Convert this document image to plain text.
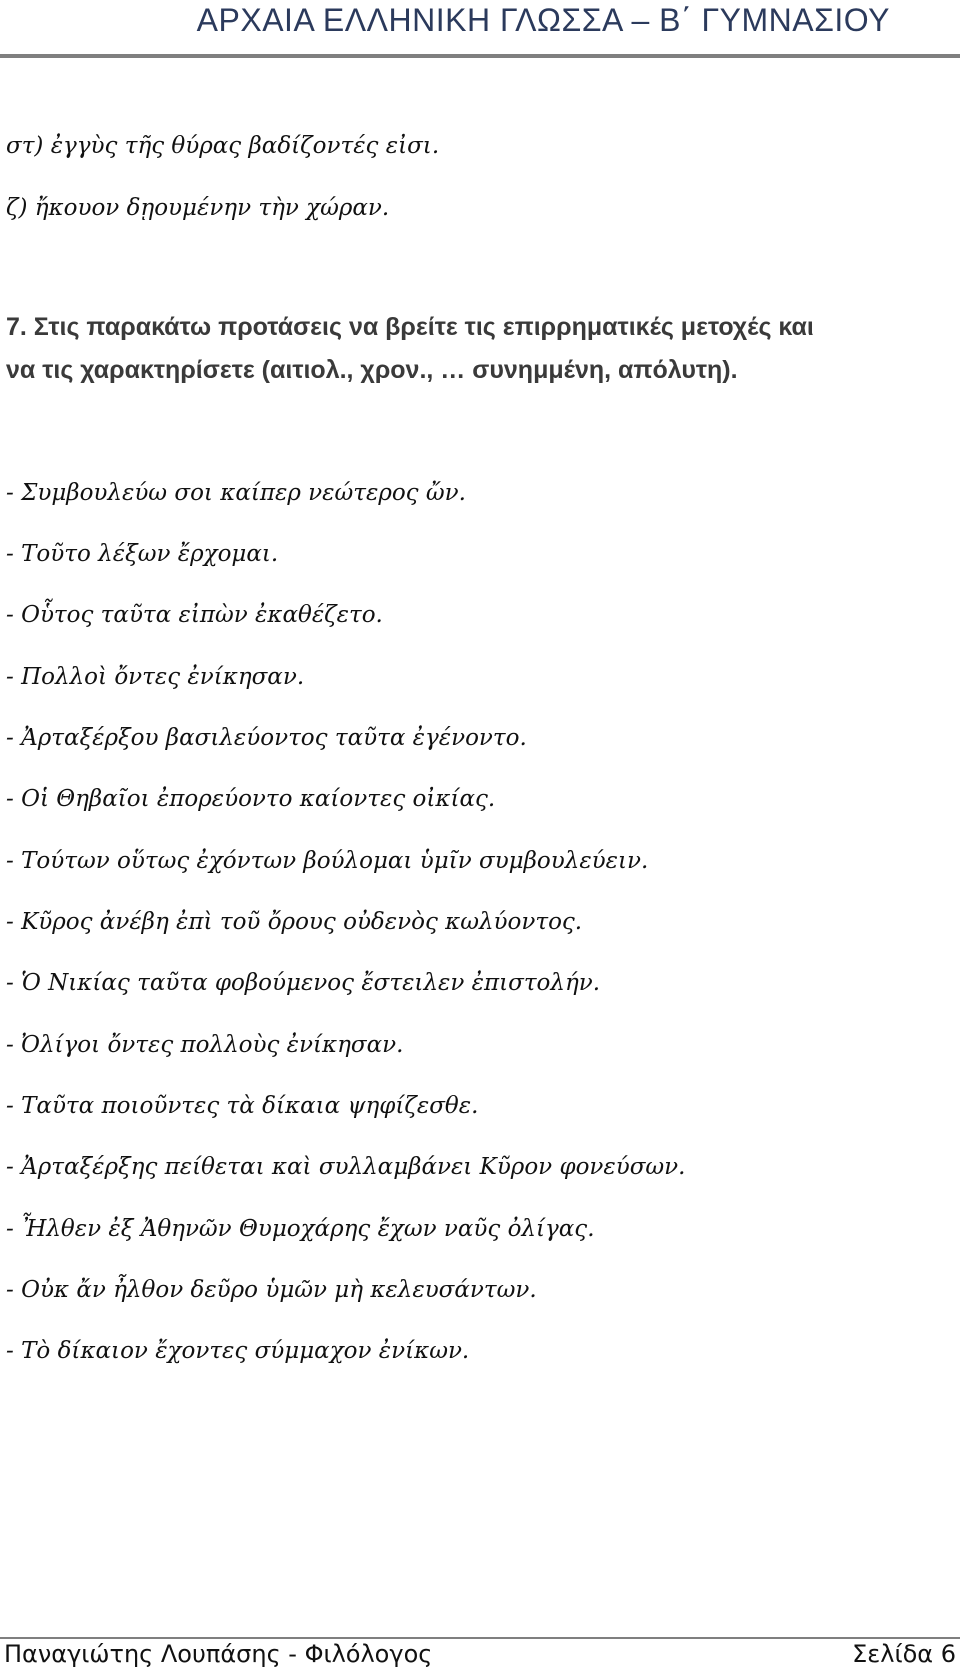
ΑΡΧΑΙΑ ΕΛΛΗΝΙΚΗ ΓΛΩΣΣΑ – Β΄ ΓΥΜΝΑΣΙΟΥ
στ) ἐγγὺς τῆς θύρας βαδίζοντές εἰσι.
ζ) ἤκουον δῃουμένην τὴν χώραν.
7. Στις παρακάτω προτάσεις να βρείτε τις επιρρηματικές μετοχές και
να τις χαρακτηρίσετε (αιτιολ., χρον., … συνημμένη, απόλυτη).
- Συμβουλεύω σοι καίπερ νεώτερος ὤν.
- Τοῦτο λέξων ἔρχομαι.
- Οὗτος ταῦτα εἰπὼν ἐκαθέζετο.
- Πολλοὶ ὄντες ἐνίκησαν.
- Ἀρταξέρξου βασιλεύοντος ταῦτα ἐγένοντο.
- Οἱ Θηβαῖοι ἐπορεύοντο καίοντες οἰκίας.
- Τούτων οὕτως ἐχόντων βούλομαι ὑμῖν συμβουλεύειν.
- Κῦρος ἀνέβη ἐπὶ τοῦ ὄρους οὐδενὸς κωλύοντος.
- Ὁ Νικίας ταῦτα φοβούμενος ἔστειλεν ἐπιστολήν.
- Ὀλίγοι ὄντες πολλοὺς ἐνίκησαν.
- Ταῦτα ποιοῦντες τὰ δίκαια ψηφίζεσθε.
- Ἀρταξέρξης πείθεται καὶ συλλαμβάνει Κῦρον φονεύσων.
- Ἦλθεν ἐξ Ἀθηνῶν Θυμοχάρης ἔχων ναῦς ὀλίγας.
- Οὐκ ἄν ἦλθον δεῦρο ὑμῶν μὴ κελευσάντων.
- Τὸ δίκαιον ἔχοντες σύμμαχον ἐνίκων.
Παναγιώτης Λουπάσης - Φιλόλογος	Σελίδα 6
